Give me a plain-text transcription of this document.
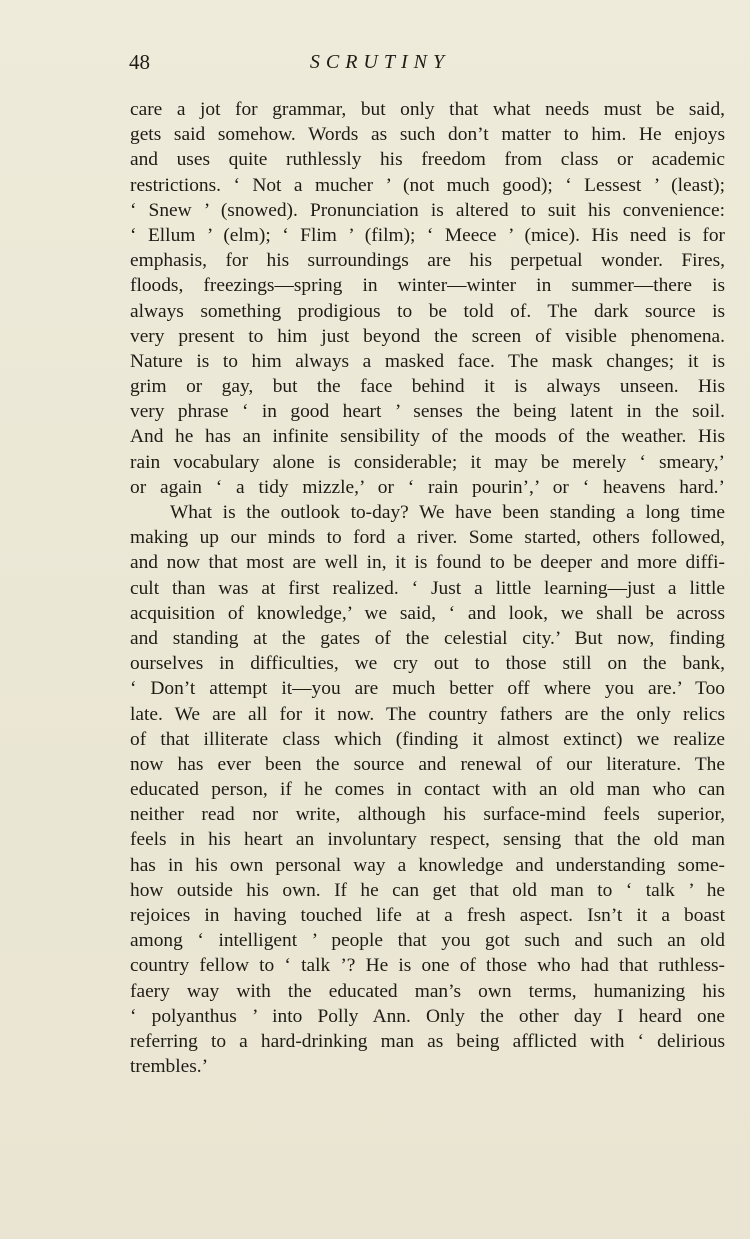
48	SCRUTINY
care a jot for grammar, but only that what needs must be said,
gets said somehow. Words as such don’t matter to him. He enjoys
and uses quite ruthlessly his freedom from class or academic
restrictions. ‘ Not a mucher ’ (not much good); ‘ Lessest ’ (least);
‘ Snew ’ (snowed). Pronunciation is altered to suit his convenience:
‘ Ellum ’ (elm); ‘ Flim ’ (film); ‘ Meece ’ (mice). His need is for
emphasis, for his surroundings are his perpetual wonder. Fires,
floods, freezings—spring in winter—winter in summer—there is
always something prodigious to be told of. The dark source is
very present to him just beyond the screen of visible phenomena.
Nature is to him always a masked face. The mask changes; it is
grim or gay, but the face behind it is always unseen. His
very phrase ‘ in good heart ’ senses the being latent in the soil.
And he has an infinite sensibility of the moods of the weather. His
rain vocabulary alone is considerable; it may be merely ‘ smeary,’
or again ‘ a tidy mizzle,’ or ‘ rain pourin’,’ or ‘ heavens hard.’
What is the outlook to-day? We have been standing a long time
making up our minds to ford a river. Some started, others followed,
and now that most are well in, it is found to be deeper and more diffi-
cult than was at first realized. ‘ Just a little learning—just a little
acquisition of knowledge,’ we said, ‘ and look, we shall be across
and standing at the gates of the celestial city.’ But now, finding
ourselves in difficulties, we cry out to those still on the bank,
‘ Don’t attempt it—you are much better off where you are.’ Too
late. We are all for it now. The country fathers are the only relics
of that illiterate class which (finding it almost extinct) we realize
now has ever been the source and renewal of our literature. The
educated person, if he comes in contact with an old man who can
neither read nor write, although his surface-mind feels superior,
feels in his heart an involuntary respect, sensing that the old man
has in his own personal way a knowledge and understanding some-
how outside his own. If he can get that old man to ‘ talk ’ he
rejoices in having touched life at a fresh aspect. Isn’t it a boast
among ‘ intelligent ’ people that you got such and such an old
country fellow to ‘ talk ’? He is one of those who had that ruthless-
faery way with the educated man’s own terms, humanizing his
‘ polyanthus ’ into Polly Ann. Only the other day I heard one
referring to a hard-drinking man as being afflicted with ‘ delirious
trembles.’
